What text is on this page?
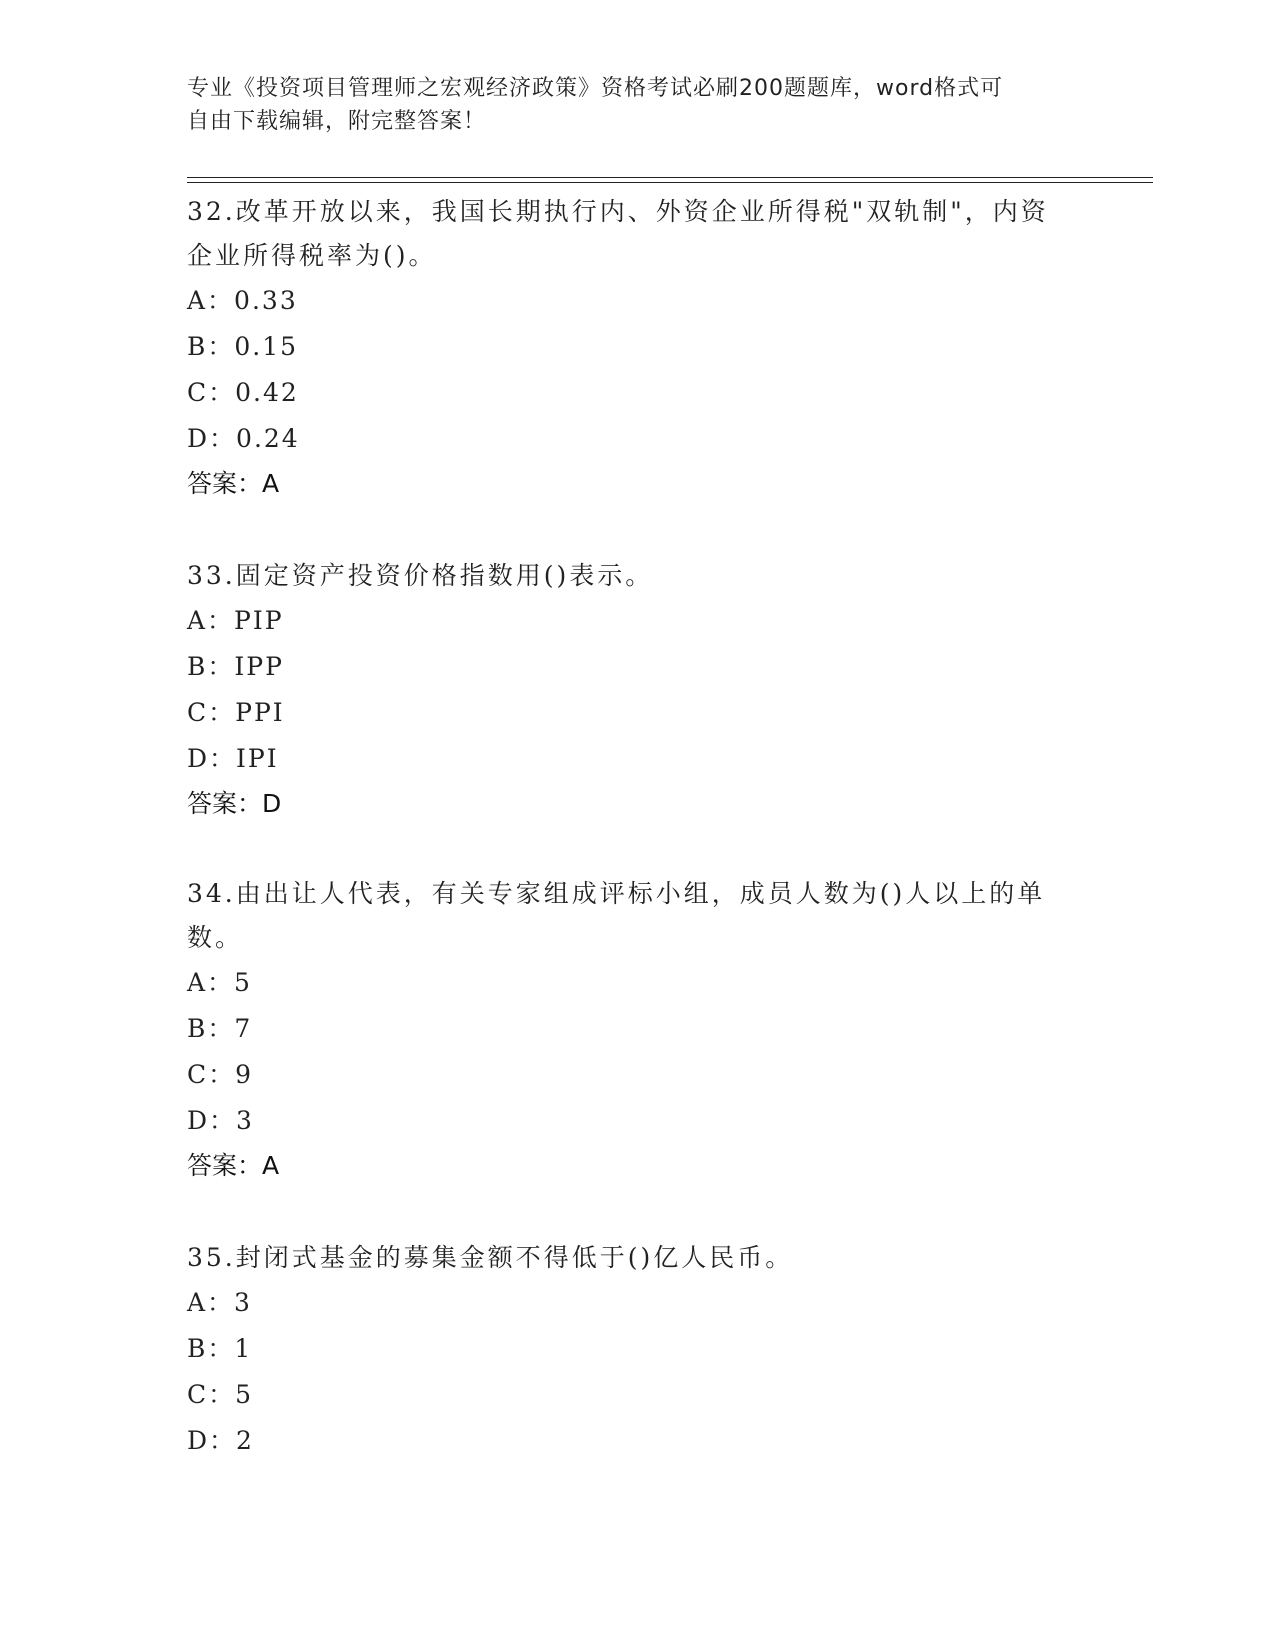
专业《投资项目管理师之宏观经济政策》资格考试必刷200题题库，word格式可
自由下载编辑，附完整答案！
32.改革开放以来，我国长期执行内、外资企业所得税"双轨制"，内资
企业所得税率为()。
A：0.33
B：0.15
C：0.42
D：0.24
答案：A
33.固定资产投资价格指数用()表示。
A：PIP
B：IPP
C：PPI
D：IPI
答案：D
34.由出让人代表，有关专家组成评标小组，成员人数为()人以上的单
数。
A：5
B：7
C：9
D：3
答案：A
35.封闭式基金的募集金额不得低于()亿人民币。
A：3
B：1
C：5
D：2
